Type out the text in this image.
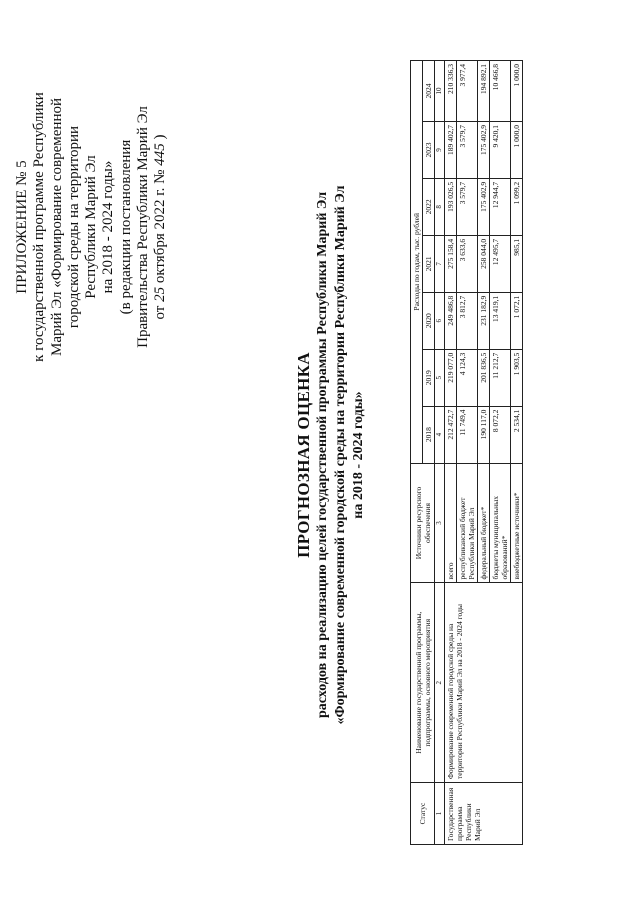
ПРИЛОЖЕНИЕ № 5 к государственной программе Республики Марий Эл «Формирование современной городской среды на территории Республики Марий Эл на 2018 - 2024 годы» (в редакции постановления Правительства Республики Марий Эл от 25 октября 2022 г. № 445 )
ПРОГНОЗНАЯ ОЦЕНКА расходов на реализацию целей государственной программы Республики Марий Эл «Формирование современной городской среды на территории Республики Марий Эл на 2018 - 2024 годы»
Статус	Наименование государственной программы, подпрограммы, основного мероприятия	Источники ресурсного обеспечения	Расходы по годам, тыс. рублей						
			2018	2019	2020	2021	2022	2023	2024
1	2	3	4	5	6	7	8	9	10
Государственная программа Республики Марий Эл	Формирование современной городской среды на территории Республики Марий Эл на 2018 - 2024 годы	всего	212 472,7	219 077,0	249 486,8	275 158,4	193 026,5	189 402,7	210 336,3
		республиканский бюджет Республики Марий Эл	11 749,4	4 124,3	3 812,7	3 633,6	3 579,7	3 579,7	3 977,4
		федеральный бюджет*	190 117,0	201 836,5	231 182,9	258 044,0	175 402,9	175 402,9	194 892,1
		бюджеты муниципальных образований*	8 072,2	11 212,7	13 419,1	12 495,7	12 944,7	9 420,1	10 466,8
		внебюджетные источники*	2 534,1	1 903,5	1 072,1	985,1	1 099,2	1 000,0	1 000,0
